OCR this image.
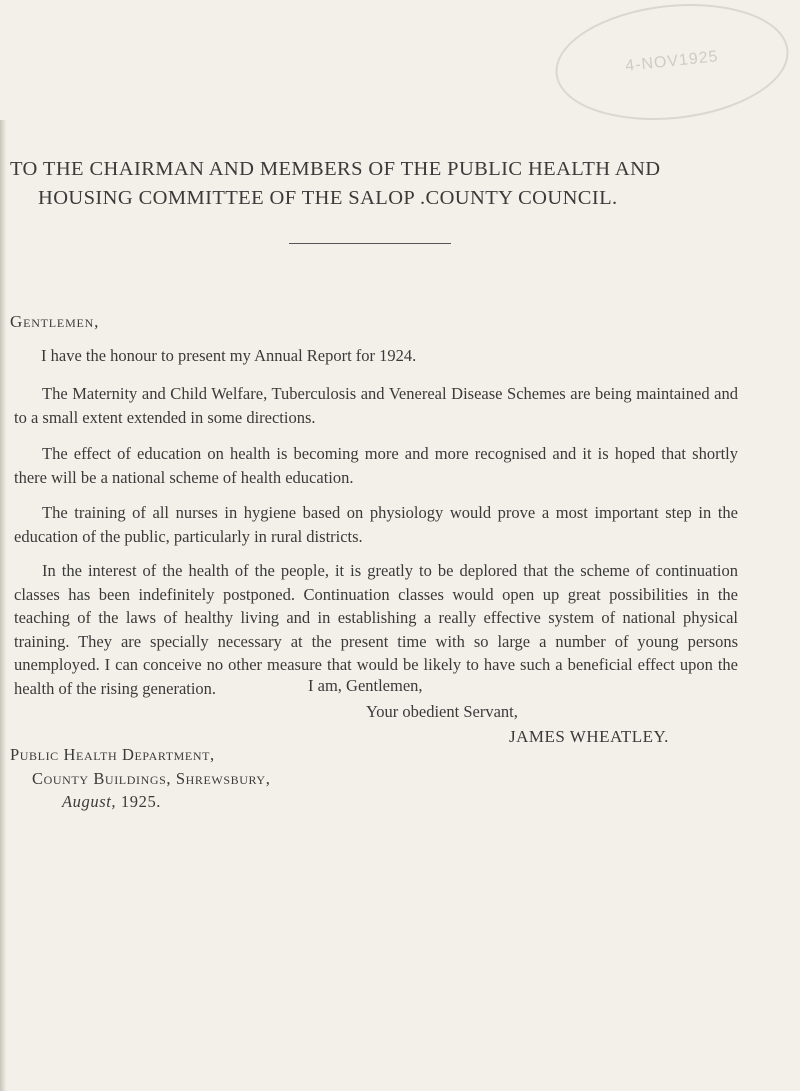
4-NOV1925
TO THE CHAIRMAN AND MEMBERS OF THE PUBLIC HEALTH AND
HOUSING COMMITTEE OF THE SALOP .COUNTY COUNCIL.
Gentlemen,
I have the honour to present my Annual Report for 1924.
The Maternity and Child Welfare, Tuberculosis and Venereal Disease Schemes are being maintained and to a small extent extended in some directions.
The effect of education on health is becoming more and more recognised and it is hoped that shortly there will be a national scheme of health education.
The training of all nurses in hygiene based on physiology would prove a most important step in the education of the public, particularly in rural districts.
In the interest of the health of the people, it is greatly to be deplored that the scheme of continuation classes has been indefinitely postponed. Continuation classes would open up great possibilities in the teaching of the laws of healthy living and in establishing a really effective system of national physical training. They are specially necessary at the present time with so large a number of young persons unemployed. I can conceive no other measure that would be likely to have such a beneficial effect upon the health of the rising generation.	I am, Gentlemen,
Your obedient Servant,
JAMES WHEATLEY.
Public Health Department,
County Buildings, Shrewsbury,
August, 1925.
